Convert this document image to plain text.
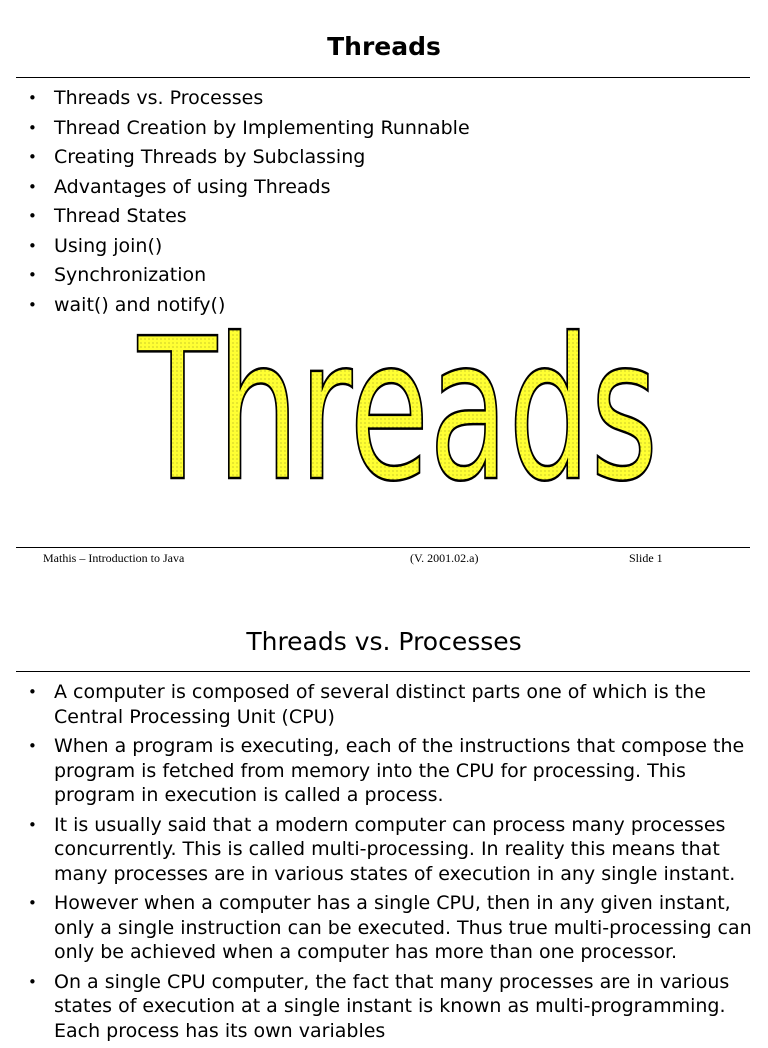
Threads
• Threads vs. Processes
• Thread Creation by Implementing Runnable
• Creating Threads by Subclassing
• Advantages of using Threads
• Thread States
• Using join()
• Synchronization
• wait() and notify()
Threads
Mathis – Introduction to Java	(V. 2001.02.a)	Slide 1
Threads vs. Processes
• A computer is composed of several distinct parts one of which is the Central Processing Unit (CPU)
• When a program is executing, each of the instructions that compose the program is fetched from memory into the CPU for processing. This program in execution is called a process.
• It is usually said that a modern computer can process many processes concurrently. This is called multi-processing. In reality this means that many processes are in various states of execution in any single instant.
• However when a computer has a single CPU, then in any given instant, only a single instruction can be executed. Thus true multi-processing can only be achieved when a computer has more than one processor.
• On a single CPU computer, the fact that many processes are in various states of execution at a single instant is known as multi-programming. Each process has its own variables
